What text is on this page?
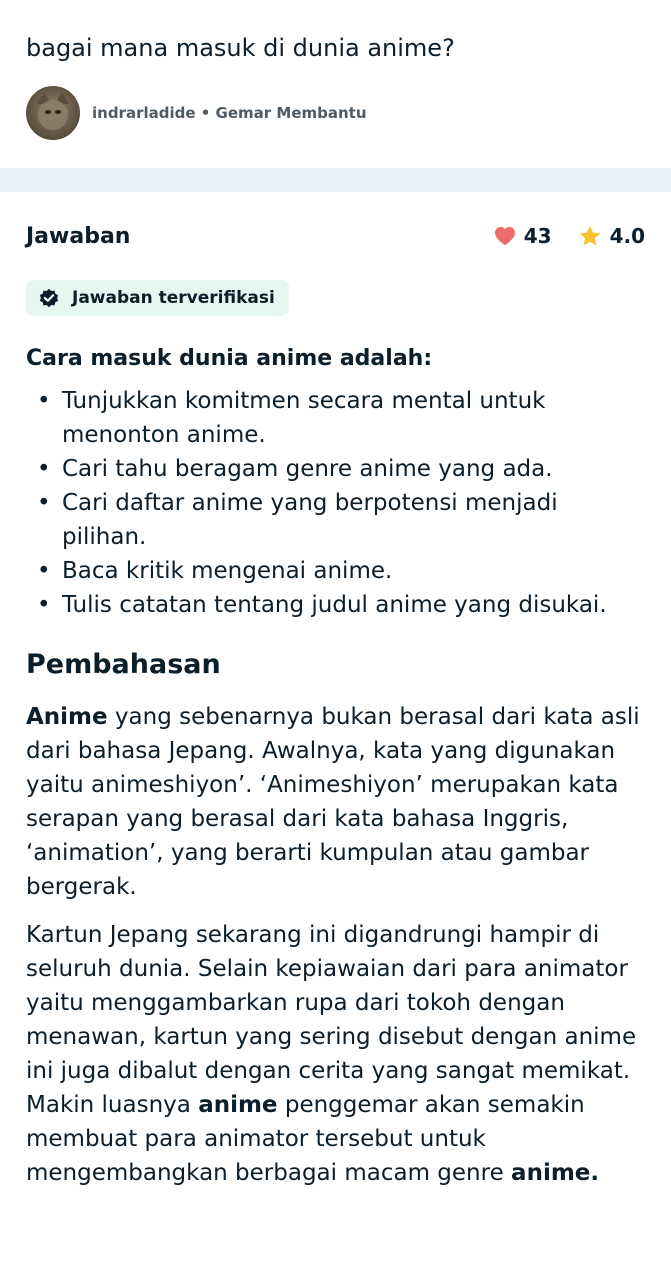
bagai mana masuk di dunia anime?
indrarladide • Gemar Membantu
Jawaban	43	4.0
Jawaban terverifikasi
Cara masuk dunia anime adalah:
• Tunjukkan komitmen secara mental untuk menonton anime.
• Cari tahu beragam genre anime yang ada.
• Cari daftar anime yang berpotensi menjadi pilihan.
• Baca kritik mengenai anime.
• Tulis catatan tentang judul anime yang disukai.
Pembahasan

Anime yang sebenarnya bukan berasal dari kata asli dari bahasa Jepang. Awalnya, kata yang digunakan yaitu animeshiyon’. ‘Animeshiyon’ merupakan kata serapan yang berasal dari kata bahasa Inggris, ‘animation’, yang berarti kumpulan atau gambar bergerak.

Kartun Jepang sekarang ini digandrungi hampir di seluruh dunia. Selain kepiawaian dari para animator yaitu menggambarkan rupa dari tokoh dengan menawan, kartun yang sering disebut dengan anime ini juga dibalut dengan cerita yang sangat memikat. Makin luasnya anime penggemar akan semakin membuat para animator tersebut untuk mengembangkan berbagai macam genre anime.
